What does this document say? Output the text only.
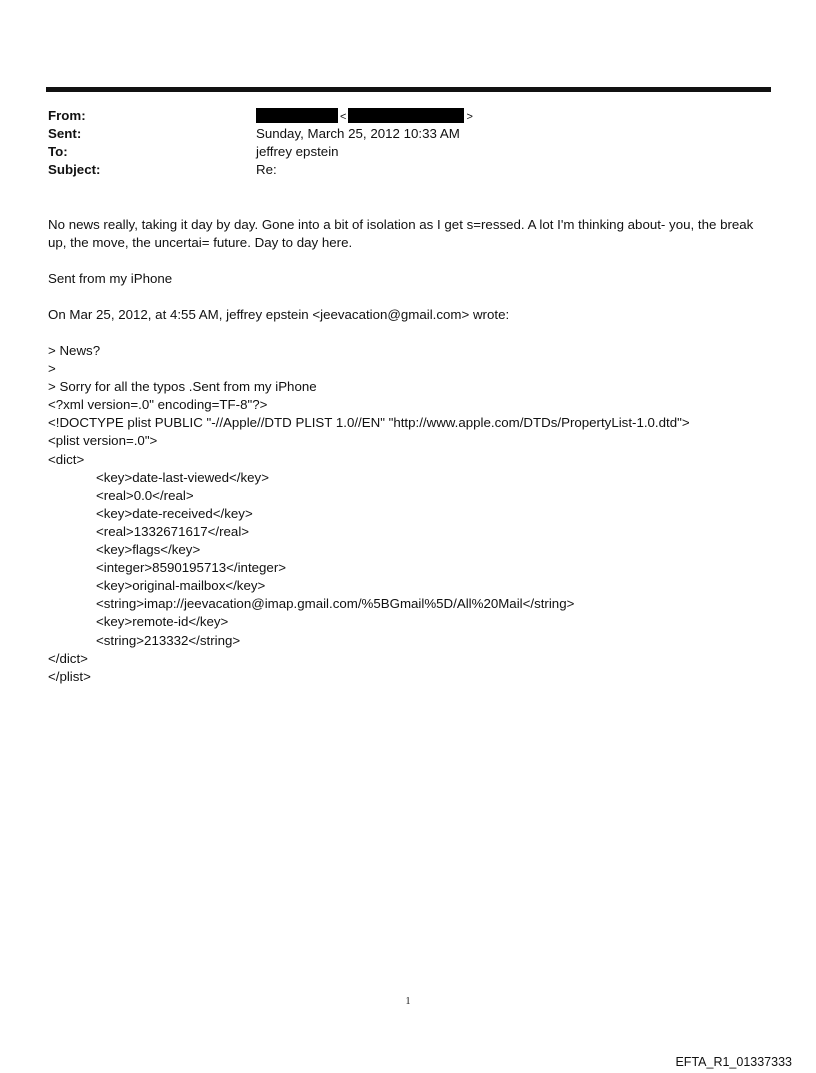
From:	<	>
Sent:	Sunday, March 25, 2012 10:33 AM
To:	jeffrey epstein
Subject:	Re:
No news really, taking it day by day. Gone into a bit of isolation as I get s=ressed. A lot I'm thinking about- you, the break
up, the move, the uncertai= future. Day to day here.
Sent from my iPhone
On Mar 25, 2012, at 4:55 AM, jeffrey epstein <jeevacation@gmail.com> wrote:
> News?
>
> Sorry for all the typos .Sent from my iPhone
<?xml version=.0" encoding=TF-8"?>
<!DOCTYPE plist PUBLIC "-//Apple//DTD PLIST 1.0//EN" "http://www.apple.com/DTDs/PropertyList-1.0.dtd">
<plist version=.0">
<dict>
<key>date-last-viewed</key>
<real>0.0</real>
<key>date-received</key>
<real>1332671617</real>
<key>flags</key>
<integer>8590195713</integer>
<key>original-mailbox</key>
<string>imap://jeevacation@imap.gmail.com/%5BGmail%5D/All%20Mail</string>
<key>remote-id</key>
<string>213332</string>
</dict>
</plist>
1
EFTA_R1_01337333
